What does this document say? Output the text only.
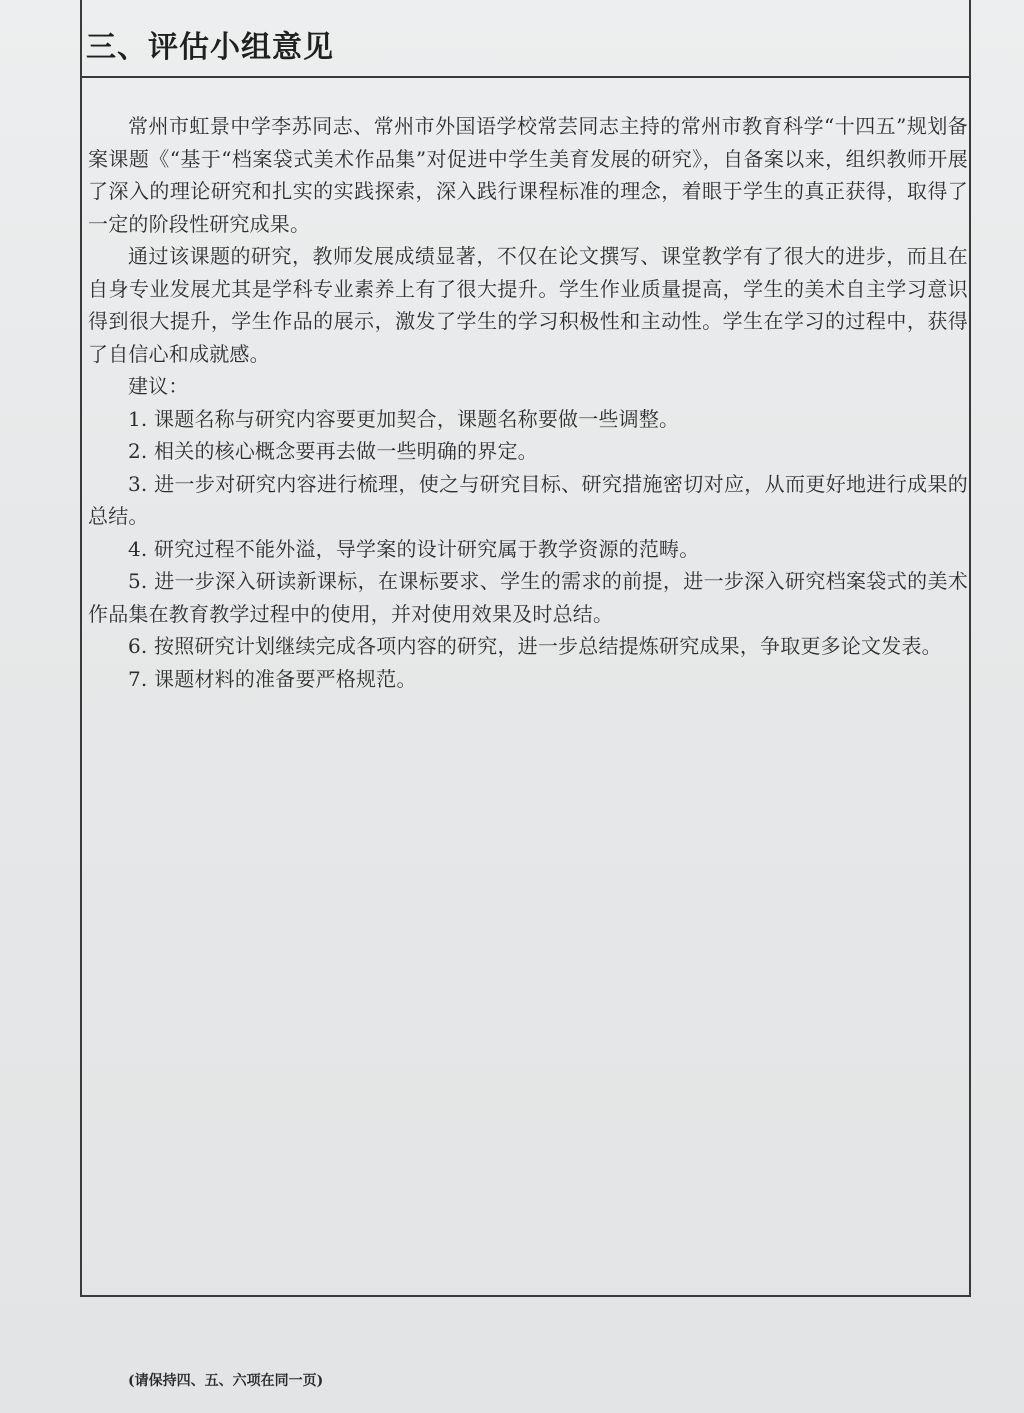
三、评估小组意见

常州市虹景中学李苏同志、常州市外国语学校常芸同志主持的常州市教育科学“十四五”规划备案课题《“基于“档案袋式美术作品集”对促进中学生美育发展的研究》，自备案以来，组织教师开展了深入的理论研究和扎实的实践探索，深入践行课程标准的理念，着眼于学生的真正获得，取得了一定的阶段性研究成果。

通过该课题的研究，教师发展成绩显著，不仅在论文撰写、课堂教学有了很大的进步，而且在自身专业发展尤其是学科专业素养上有了很大提升。学生作业质量提高，学生的美术自主学习意识得到很大提升，学生作品的展示，激发了学生的学习积极性和主动性。学生在学习的过程中，获得了自信心和成就感。

建议：

1. 课题名称与研究内容要更加契合，课题名称要做一些调整。

2. 相关的核心概念要再去做一些明确的界定。

3. 进一步对研究内容进行梳理，使之与研究目标、研究措施密切对应，从而更好地进行成果的总结。

4. 研究过程不能外溢，导学案的设计研究属于教学资源的范畴。

5. 进一步深入研读新课标，在课标要求、学生的需求的前提，进一步深入研究档案袋式的美术作品集在教育教学过程中的使用，并对使用效果及时总结。

6. 按照研究计划继续完成各项内容的研究，进一步总结提炼研究成果，争取更多论文发表。

7. 课题材料的准备要严格规范。

(请保持四、五、六项在同一页)
